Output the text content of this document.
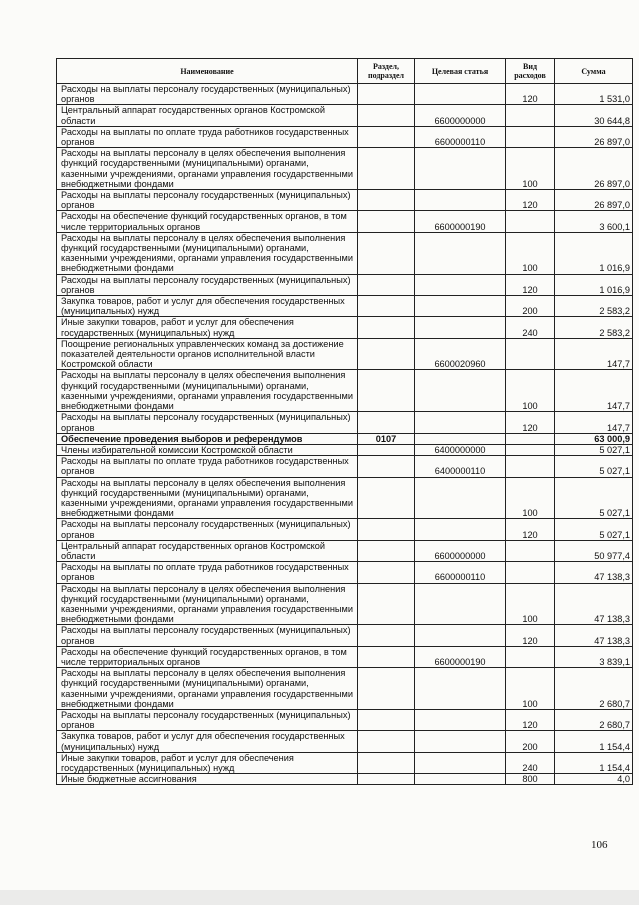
Наименование	Раздел, подраздел	Целевая статья	Вид расходов	Сумма
Расходы на выплаты персоналу государственных (муниципальных) органов			120	1 531,0
Центральный аппарат государственных органов Костромской области		6600000000		30 644,8
Расходы на выплаты по оплате труда работников государственных органов		6600000110		26 897,0
Расходы на выплаты персоналу в целях обеспечения выполнения функций государственными (муниципальными) органами, казенными учреждениями, органами управления государственными внебюджетными фондами			100	26 897,0
Расходы на выплаты персоналу государственных (муниципальных) органов			120	26 897,0
Расходы на обеспечение функций государственных органов, в том числе территориальных органов		6600000190		3 600,1
Расходы на выплаты персоналу в целях обеспечения выполнения функций государственными (муниципальными) органами, казенными учреждениями, органами управления государственными внебюджетными фондами			100	1 016,9
Расходы на выплаты персоналу государственных (муниципальных) органов			120	1 016,9
Закупка товаров, работ и услуг для обеспечения государственных (муниципальных) нужд			200	2 583,2
Иные закупки товаров, работ и услуг для обеспечения государственных (муниципальных) нужд			240	2 583,2
Поощрение региональных управленческих команд за достижение показателей деятельности органов исполнительной власти Костромской области		6600020960		147,7
Расходы на выплаты персоналу в целях обеспечения выполнения функций государственными (муниципальными) органами, казенными учреждениями, органами управления государственными внебюджетными фондами			100	147,7
Расходы на выплаты персоналу государственных (муниципальных) органов			120	147,7
Обеспечение проведения выборов и референдумов	0107			63 000,9
Члены избирательной комиссии Костромской области		6400000000		5 027,1
Расходы на выплаты по оплате труда работников государственных органов		6400000110		5 027,1
Расходы на выплаты персоналу в целях обеспечения выполнения функций государственными (муниципальными) органами, казенными учреждениями, органами управления государственными внебюджетными фондами			100	5 027,1
Расходы на выплаты персоналу государственных (муниципальных) органов			120	5 027,1
Центральный аппарат государственных органов Костромской области		6600000000		50 977,4
Расходы на выплаты по оплате труда работников государственных органов		6600000110		47 138,3
Расходы на выплаты персоналу в целях обеспечения выполнения функций государственными (муниципальными) органами, казенными учреждениями, органами управления государственными внебюджетными фондами			100	47 138,3
Расходы на выплаты персоналу государственных (муниципальных) органов			120	47 138,3
Расходы на обеспечение функций государственных органов, в том числе территориальных органов		6600000190		3 839,1
Расходы на выплаты персоналу в целях обеспечения выполнения функций государственными (муниципальными) органами, казенными учреждениями, органами управления государственными внебюджетными фондами			100	2 680,7
Расходы на выплаты персоналу государственных (муниципальных) органов			120	2 680,7
Закупка товаров, работ и услуг для обеспечения государственных (муниципальных) нужд			200	1 154,4
Иные закупки товаров, работ и услуг для обеспечения государственных (муниципальных) нужд			240	1 154,4
Иные бюджетные ассигнования			800	4,0
106
